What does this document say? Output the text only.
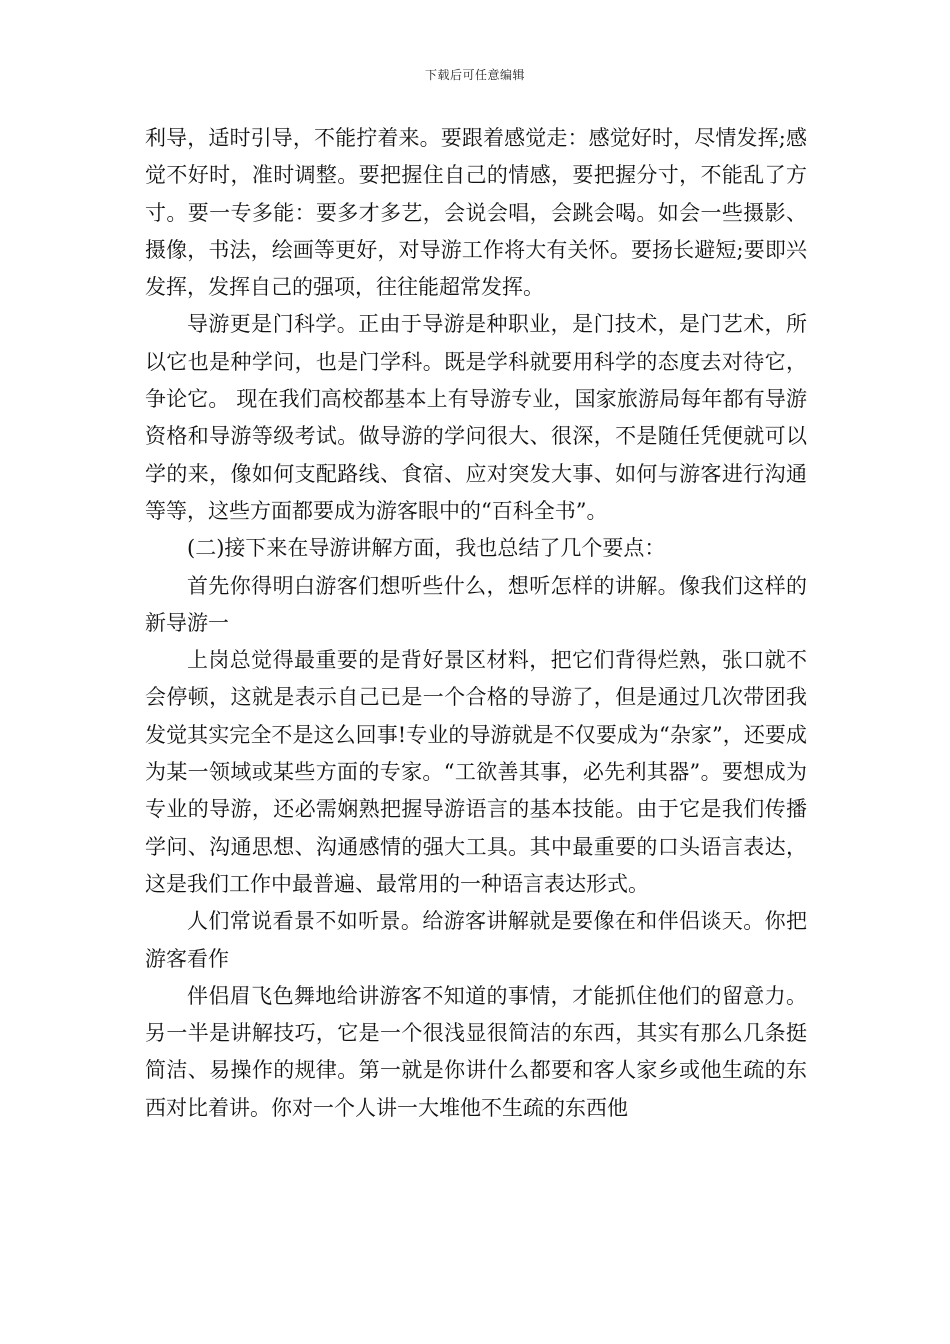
下载后可任意编辑

利导，适时引导，不能拧着来。要跟着感觉走：感觉好时，尽情发挥;感觉不好时，准时调整。要把握住自己的情感，要把握分寸，不能乱了方寸。要一专多能：要多才多艺，会说会唱，会跳会喝。如会一些摄影、摄像，书法，绘画等更好，对导游工作将大有关怀。要扬长避短;要即兴发挥，发挥自己的强项，往往能超常发挥。

导游更是门科学。正由于导游是种职业，是门技术，是门艺术，所以它也是种学问，也是门学科。既是学科就要用科学的态度去对待它，争论它。 现在我们高校都基本上有导游专业，国家旅游局每年都有导游资格和导游等级考试。做导游的学问很大、很深，不是随任凭便就可以学的来，像如何支配路线、食宿、应对突发大事、如何与游客进行沟通等等，这些方面都要成为游客眼中的“百科全书”。

(二)接下来在导游讲解方面，我也总结了几个要点：

首先你得明白游客们想听些什么，想听怎样的讲解。像我们这样的新导游一

上岗总觉得最重要的是背好景区材料，把它们背得烂熟，张口就不会停顿，这就是表示自己已是一个合格的导游了，但是通过几次带团我发觉其实完全不是这么回事!专业的导游就是不仅要成为“杂家”，还要成为某一领域或某些方面的专家。“工欲善其事，必先利其器”。要想成为专业的导游，还必需娴熟把握导游语言的基本技能。由于它是我们传播学问、沟通思想、沟通感情的强大工具。其中最重要的口头语言表达，这是我们工作中最普遍、最常用的一种语言表达形式。

人们常说看景不如听景。给游客讲解就是要像在和伴侣谈天。你把游客看作

伴侣眉飞色舞地给讲游客不知道的事情，才能抓住他们的留意力。另一半是讲解技巧，它是一个很浅显很简洁的东西，其实有那么几条挺简洁、易操作的规律。第一就是你讲什么都要和客人家乡或他生疏的东西对比着讲。你对一个人讲一大堆他不生疏的东西他
